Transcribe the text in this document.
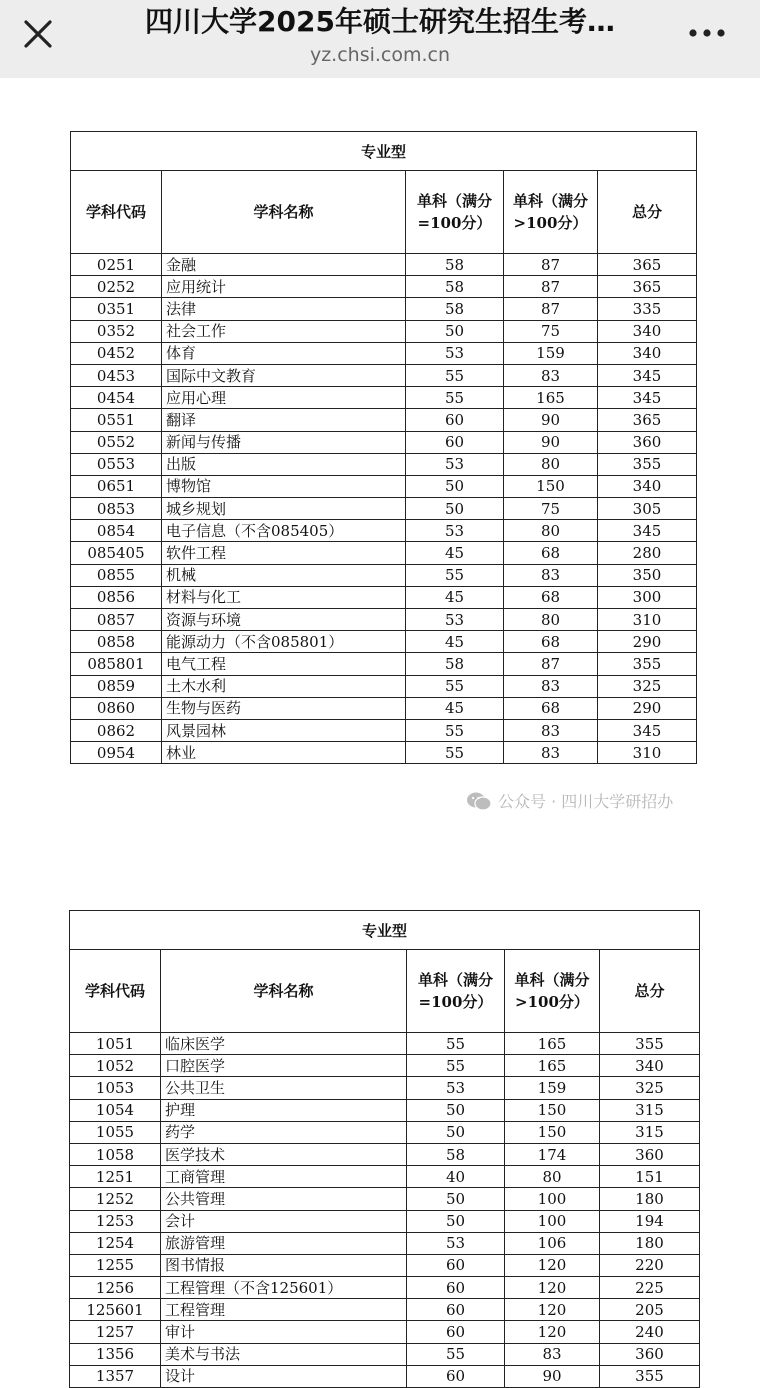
四川大学2025年硕士研究生招生考…
yz.chsi.com.cn
专业型				
学科代码	学科名称	单科（满分=100分）	单科（满分>100分）	总分
0251	金融	58	87	365
0252	应用统计	58	87	365
0351	法律	58	87	335
0352	社会工作	50	75	340
0452	体育	53	159	340
0453	国际中文教育	55	83	345
0454	应用心理	55	165	345
0551	翻译	60	90	365
0552	新闻与传播	60	90	360
0553	出版	53	80	355
0651	博物馆	50	150	340
0853	城乡规划	50	75	305
0854	电子信息（不含085405）	53	80	345
085405	软件工程	45	68	280
0855	机械	55	83	350
0856	材料与化工	45	68	300
0857	资源与环境	53	80	310
0858	能源动力（不含085801）	45	68	290
085801	电气工程	58	87	355
0859	土木水利	55	83	325
0860	生物与医药	45	68	290
0862	风景园林	55	83	345
0954	林业	55	83	310
公众号 · 四川大学研招办
专业型				
学科代码	学科名称	单科（满分=100分）	单科（满分>100分）	总分
1051	临床医学	55	165	355
1052	口腔医学	55	165	340
1053	公共卫生	53	159	325
1054	护理	50	150	315
1055	药学	50	150	315
1058	医学技术	58	174	360
1251	工商管理	40	80	151
1252	公共管理	50	100	180
1253	会计	50	100	194
1254	旅游管理	53	106	180
1255	图书情报	60	120	220
1256	工程管理（不含125601）	60	120	225
125601	工程管理	60	120	205
1257	审计	60	120	240
1356	美术与书法	55	83	360
1357	设计	60	90	355
